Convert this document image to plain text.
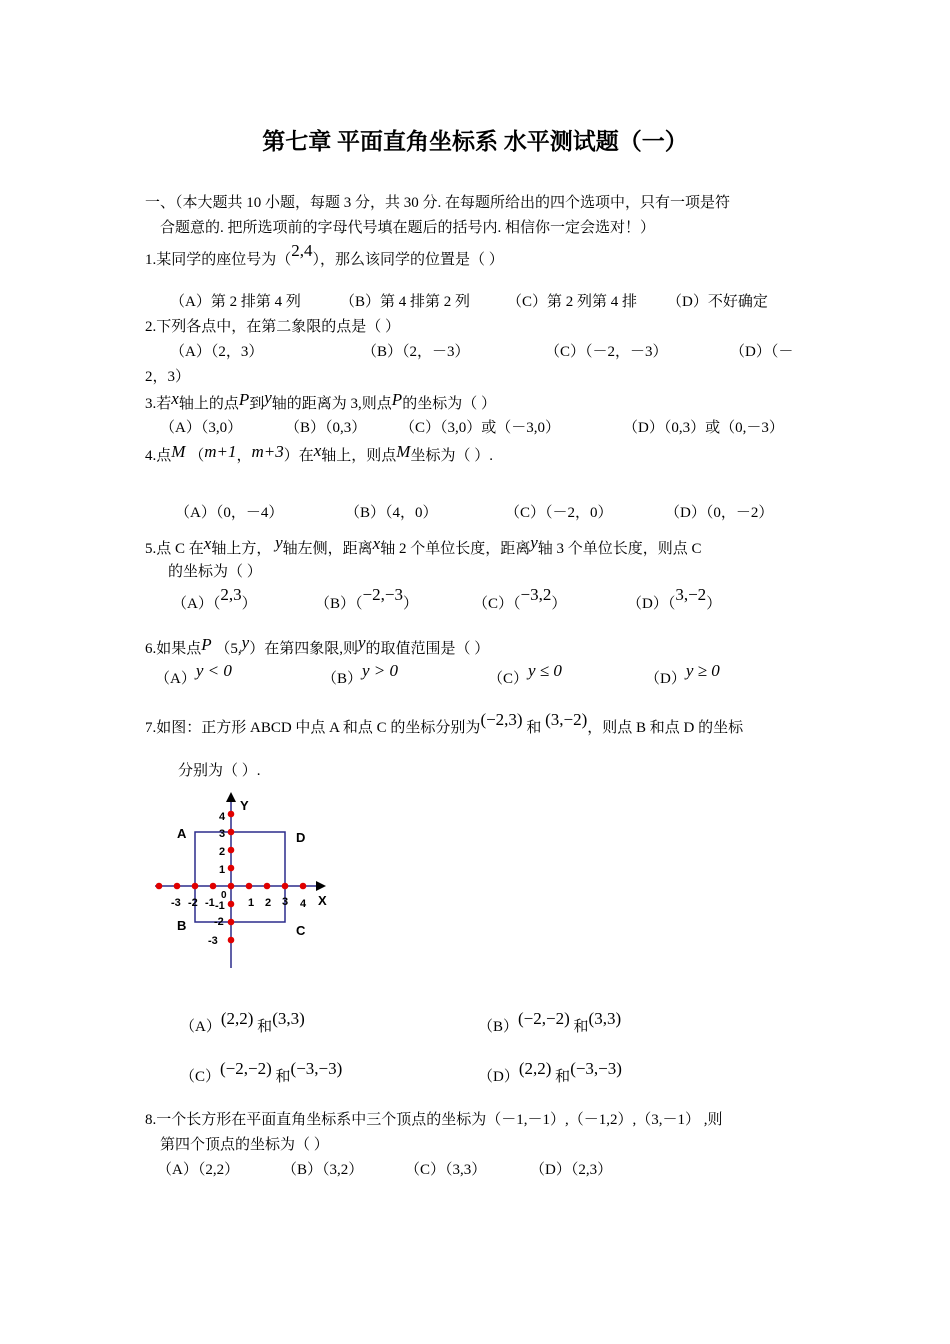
第七章 平面直角坐标系 水平测试题（一）
一、（本大题共 10 小题，每题 3 分，共 30 分. 在每题所给出的四个选项中，只有一项是符
合题意的. 把所选项前的字母代号填在题后的括号内. 相信你一定会选对！）
1.某同学的座位号为（2,4），那么该同学的位置是（ ）
（A）第 2 排第 4 列	（B）第 4 排第 2 列 （C）第 2 列第 4 排 （D）不好确定
2.下列各点中，在第二象限的点是（ ）
（A）（2，3）	（B）（2，－3）	（C）（－2，－3）	（D）（－
2，3）
3.若x轴上的点P到y轴的距离为 3,则点P的坐标为（ ）
（A）（3,0）	（B）（0,3） （C）（3,0）或（－3,0）	（D）（0,3）或（0,－3）
4.点M （m+1，m+3）在x轴上，则点M坐标为（ ）.
（A）（0，－4）	（B）（4，0）	（C）（－2，0）	（D）（0，－2）
5.点 C 在x轴上方， y轴左侧，距离x轴 2 个单位长度，距离y轴 3 个单位长度，则点 C
的坐标为（ ）
（A）（2,3）	（B）（−2,−3）	（C）（−3,2）	（D）（3,−2）
6.如果点P （5,y）在第四象限,则y的取值范围是（ ）
（A）y < 0	（B）y > 0	（C）y ≤ 0	（D）y ≥ 0
7.如图：正方形 ABCD 中点 A 和点 C 的坐标分别为(−2,3) 和 (3,−2)，则点 B 和点 D 的坐标
分别为（ ）.
Y
X
-3 -2 -1
0
1 2 3 4
4
3
2
1
-1
-2
-3
A
B	C
D
（A）(2,2) 和(3,3)	（B）(−2,−2) 和(3,3)
（C）(−2,−2) 和(−3,−3)	（D）(2,2) 和(−3,−3)
8.一个长方形在平面直角坐标系中三个顶点的坐标为（－1,－1）,（－1,2）,（3,－1） ,则
第四个顶点的坐标为（ ）
（A）（2,2）	（B）（3,2）	（C）（3,3）	（D）（2,3）
